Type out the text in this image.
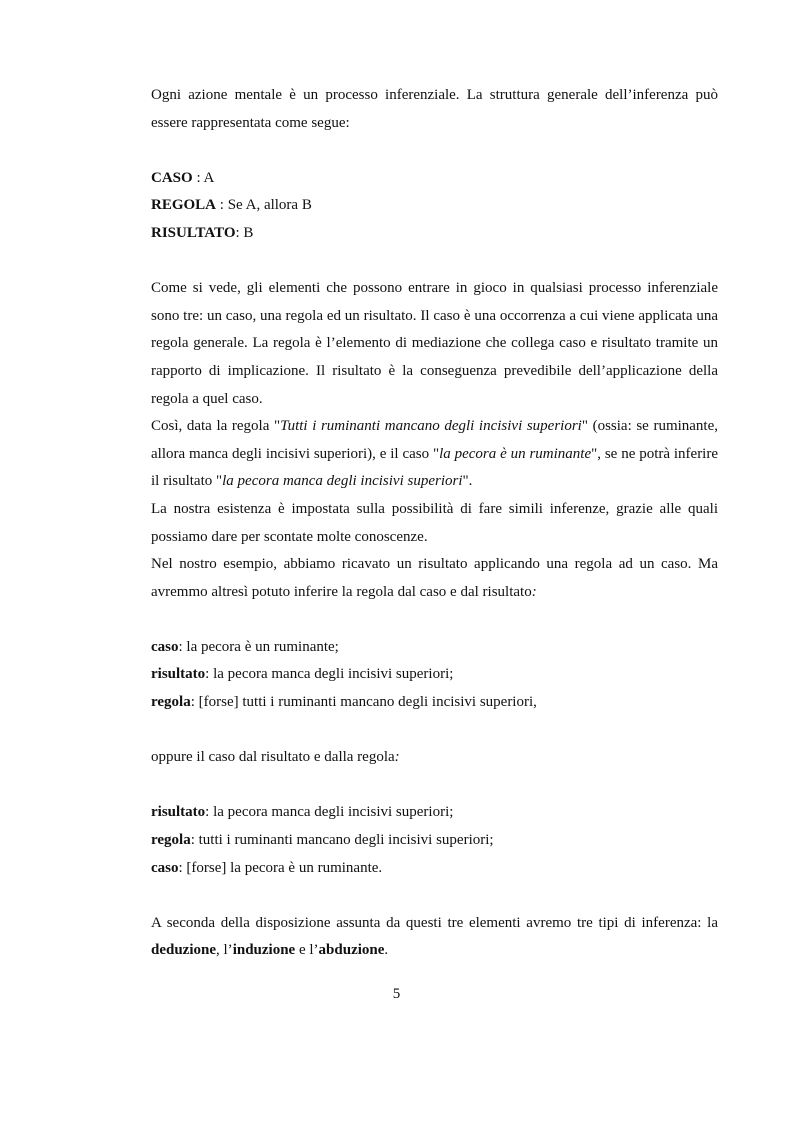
Ogni azione mentale è un processo inferenziale. La struttura generale dell’inferenza può essere rappresentata come segue:

CASO : A

REGOLA : Se A, allora B

RISULTATO: B

Come si vede, gli elementi che possono entrare in gioco in qualsiasi processo inferenziale sono tre: un caso, una regola ed un risultato. Il caso è una occorrenza a cui viene applicata una regola generale. La regola è l’elemento di mediazione che collega caso e risultato tramite un rapporto di implicazione. Il risultato è la conseguenza prevedibile dell’applicazione della regola a quel caso.

Così, data la regola "Tutti i ruminanti mancano degli incisivi superiori" (ossia: se ruminante, allora manca degli incisivi superiori), e il caso "la pecora è un ruminante", se ne potrà inferire il risultato "la pecora manca degli incisivi superiori".

La nostra esistenza è impostata sulla possibilità di fare simili inferenze, grazie alle quali possiamo dare per scontate molte conoscenze.

Nel nostro esempio, abbiamo ricavato un risultato applicando una regola ad un caso. Ma avremmo altresì potuto inferire la regola dal caso e dal risultato:

caso: la pecora è un ruminante;

risultato: la pecora manca degli incisivi superiori;

regola: [forse] tutti i ruminanti mancano degli incisivi superiori,

oppure il caso dal risultato e dalla regola:

risultato: la pecora manca degli incisivi superiori;

regola: tutti i ruminanti mancano degli incisivi superiori;

caso: [forse] la pecora è un ruminante.

A seconda della disposizione assunta da questi tre elementi avremo tre tipi di inferenza: la deduzione, l’induzione e l’abduzione.

5
